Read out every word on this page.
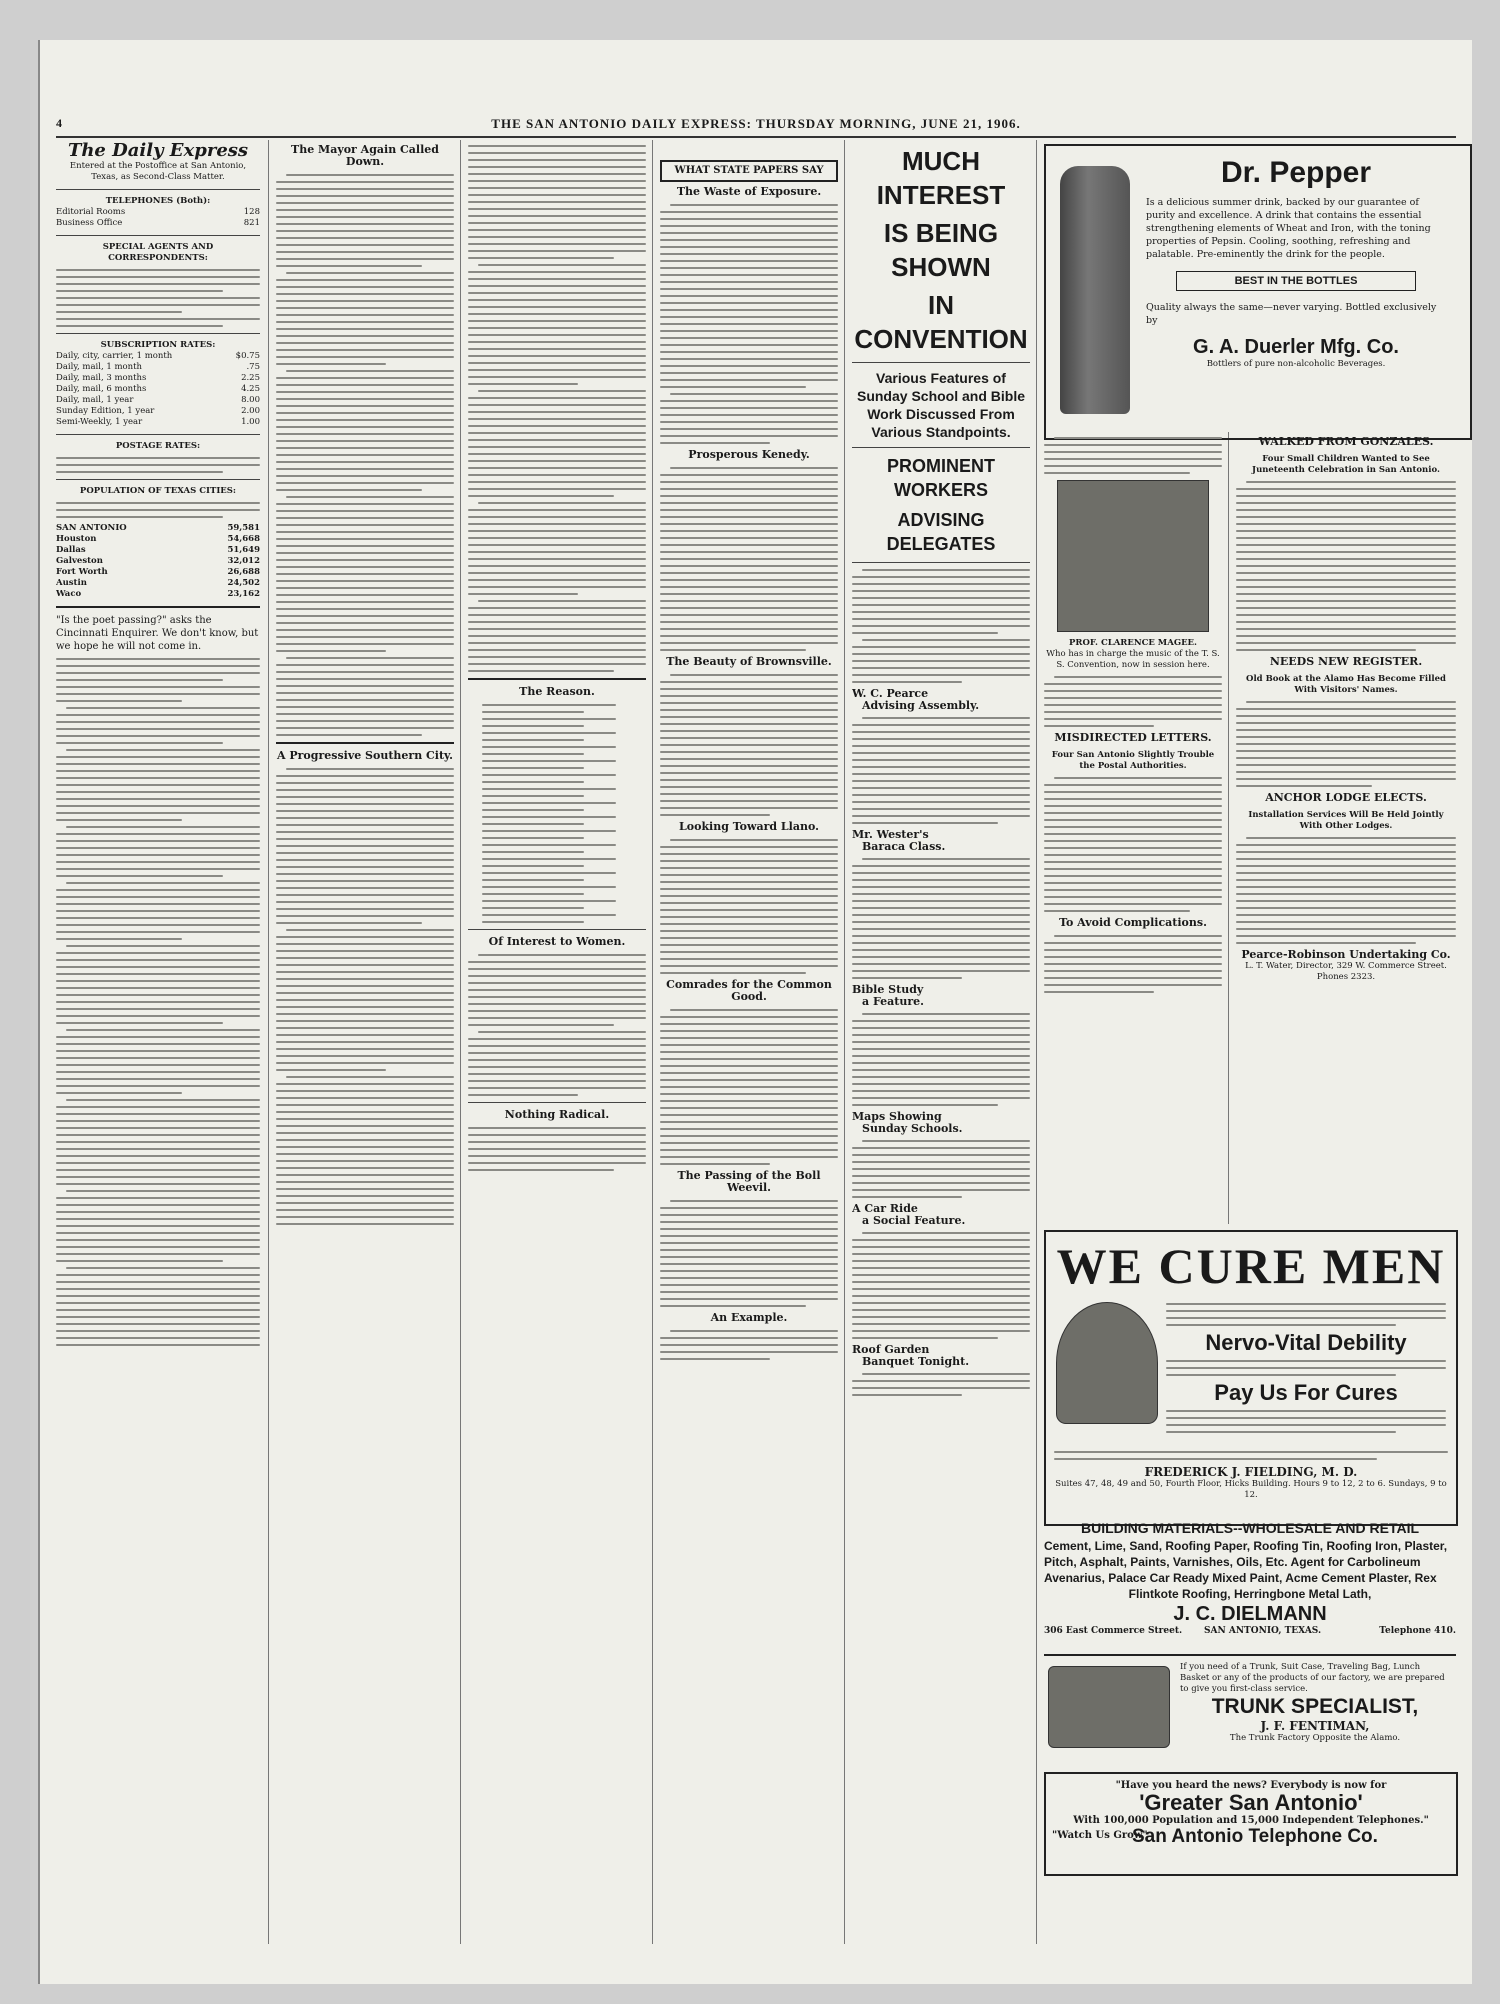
4	THE SAN ANTONIO DAILY EXPRESS: THURSDAY MORNING, JUNE 21, 1906.
The Daily Express
Entered at the Postoffice at San Antonio, Texas, as Second-Class Matter.
TELEPHONES (Both):
Editorial Rooms	128
Business Office	821
SPECIAL AGENTS AND CORRESPONDENTS:
SUBSCRIPTION RATES:
Daily, city, carrier, 1 month	$0.75
Daily, mail, 1 month	.75
Daily, mail, 3 months	2.25
Daily, mail, 6 months	4.25
Daily, mail, 1 year	8.00
Sunday Edition, 1 year	2.00
Semi-Weekly, 1 year	1.00
POSTAGE RATES:
POPULATION OF TEXAS CITIES:
SAN ANTONIO	59,581
Houston	54,668
Dallas	51,649
Galveston	32,012
Fort Worth	26,688
Austin	24,502
Waco	23,162
"Is the poet passing?" asks the Cincinnati Enquirer. We don't know, but we hope he will not come in.
The Mayor Again Called Down.
A Progressive Southern City.
The Reason.
Of Interest to Women.
Nothing Radical.
WHAT STATE PAPERS SAY
The Waste of Exposure.
Prosperous Kenedy.
The Beauty of Brownsville.
Looking Toward Llano.
Comrades for the Common Good.
The Passing of the Boll Weevil.
An Example.
MUCH INTEREST
IS BEING SHOWN
IN CONVENTION
Various Features of Sunday School and Bible Work Discussed From Various Standpoints.
PROMINENT WORKERS
ADVISING DELEGATES
W. C. Pearce
Advising Assembly.
Mr. Wester's
Baraca Class.
Bible Study
a Feature.
Maps Showing
Sunday Schools.
A Car Ride
a Social Feature.
Roof Garden
Banquet Tonight.
Dr. Pepper
Is a delicious summer drink, backed by our guarantee of purity and excellence. A drink that contains the essential strengthening elements of Wheat and Iron, with the toning properties of Pepsin. Cooling, soothing, refreshing and palatable. Pre-eminently the drink for the people.
BEST IN THE BOTTLES
Quality always the same—never varying. Bottled exclusively by
G. A. Duerler Mfg. Co.
Bottlers of pure non-alcoholic Beverages.
PROF. CLARENCE MAGEE.
Who has in charge the music of the T. S. S. Convention, now in session here.
MISDIRECTED LETTERS.
Four San Antonio Slightly Trouble the Postal Authorities.
To Avoid Complications.
WALKED FROM GONZALES.
Four Small Children Wanted to See Juneteenth Celebration in San Antonio.
NEEDS NEW REGISTER.
Old Book at the Alamo Has Become Filled With Visitors' Names.
ANCHOR LODGE ELECTS.
Installation Services Will Be Held Jointly With Other Lodges.
Pearce-Robinson Undertaking Co.
L. T. Water, Director, 329 W. Commerce Street. Phones 2323.
WE CURE MEN
Nervo-Vital Debility
Pay Us For Cures
FREDERICK J. FIELDING, M. D.
Suites 47, 48, 49 and 50, Fourth Floor, Hicks Building. Hours 9 to 12, 2 to 6. Sundays, 9 to 12.
BUILDING MATERIALS--WHOLESALE AND RETAIL
Cement, Lime, Sand, Roofing Paper, Roofing Tin, Roofing Iron, Plaster,
Pitch, Asphalt, Paints, Varnishes, Oils, Etc. Agent for Carbolineum
Avenarius, Palace Car Ready Mixed Paint, Acme Cement Plaster, Rex
Flintkote Roofing, Herringbone Metal Lath,
J. C. DIELMANN
306 East Commerce Street. SAN ANTONIO, TEXAS.	Telephone 410.
If you need of a Trunk, Suit Case, Traveling Bag, Lunch Basket or any of the products of our factory, we are prepared to give you first-class service.
TRUNK SPECIALIST,
J. F. FENTIMAN,
The Trunk Factory Opposite the Alamo.
"Have you heard the news? Everybody is now for
'Greater San Antonio'
With 100,000 Population and 15,000 Independent Telephones."
"Watch Us Grow"
San Antonio Telephone Co.
